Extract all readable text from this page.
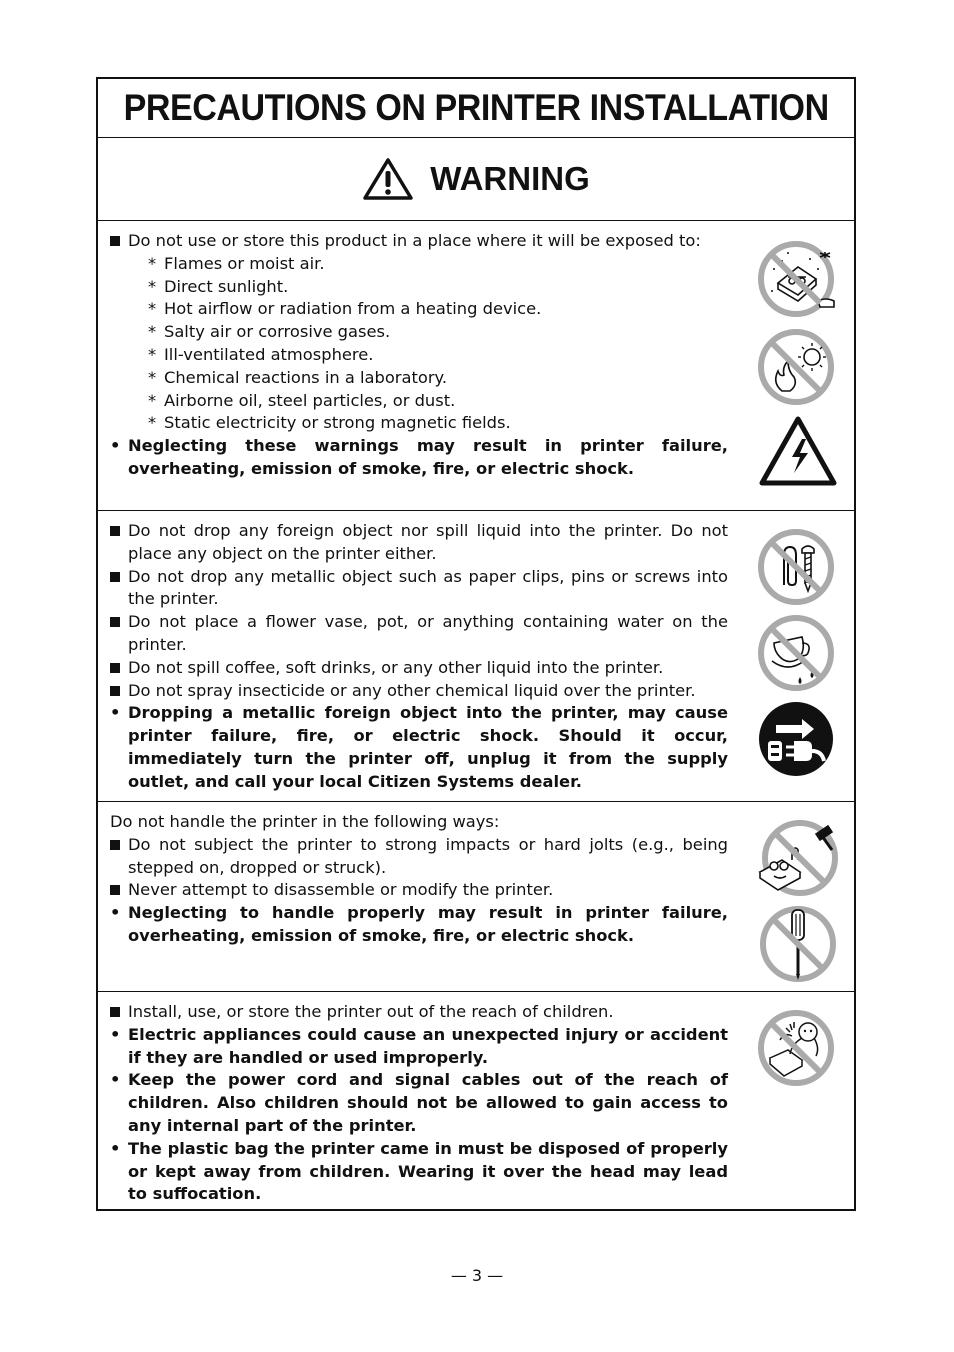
PRECAUTIONS ON PRINTER INSTALLATION
WARNING
Do not use or store this product in a place where it will be exposed to:
* Flames or moist air.
* Direct sunlight.
* Hot airflow or radiation from a heating device.
* Salty air or corrosive gases.
* Ill-ventilated atmosphere.
* Chemical reactions in a laboratory.
* Airborne oil, steel particles, or dust.
* Static electricity or strong magnetic fields.
• Neglecting these warnings may result in printer failure, overheating, emission of smoke, fire, or electric shock.
Do not drop any foreign object nor spill liquid into the printer. Do not place any object on the printer either.
Do not drop any metallic object such as paper clips, pins or screws into the printer.
Do not place a flower vase, pot, or anything containing water on the printer.
Do not spill coffee, soft drinks, or any other liquid into the printer.
Do not spray insecticide or any other chemical liquid over the printer.
• Dropping a metallic foreign object into the printer, may cause printer failure, fire, or electric shock. Should it occur, immediately turn the printer off, unplug it from the supply outlet, and call your local Citizen Systems dealer.
Do not handle the printer in the following ways:
Do not subject the printer to strong impacts or hard jolts (e.g., being stepped on, dropped or struck).
Never attempt to disassemble or modify the printer.
• Neglecting to handle properly may result in printer failure, overheating, emission of smoke, fire, or electric shock.
Install, use, or store the printer out of the reach of children.
• Electric appliances could cause an unexpected injury or accident if they are handled or used improperly.
• Keep the power cord and signal cables out of the reach of children. Also children should not be allowed to gain access to any internal part of the printer.
• The plastic bag the printer came in must be disposed of properly or kept away from children. Wearing it over the head may lead to suffocation.
— 3 —
